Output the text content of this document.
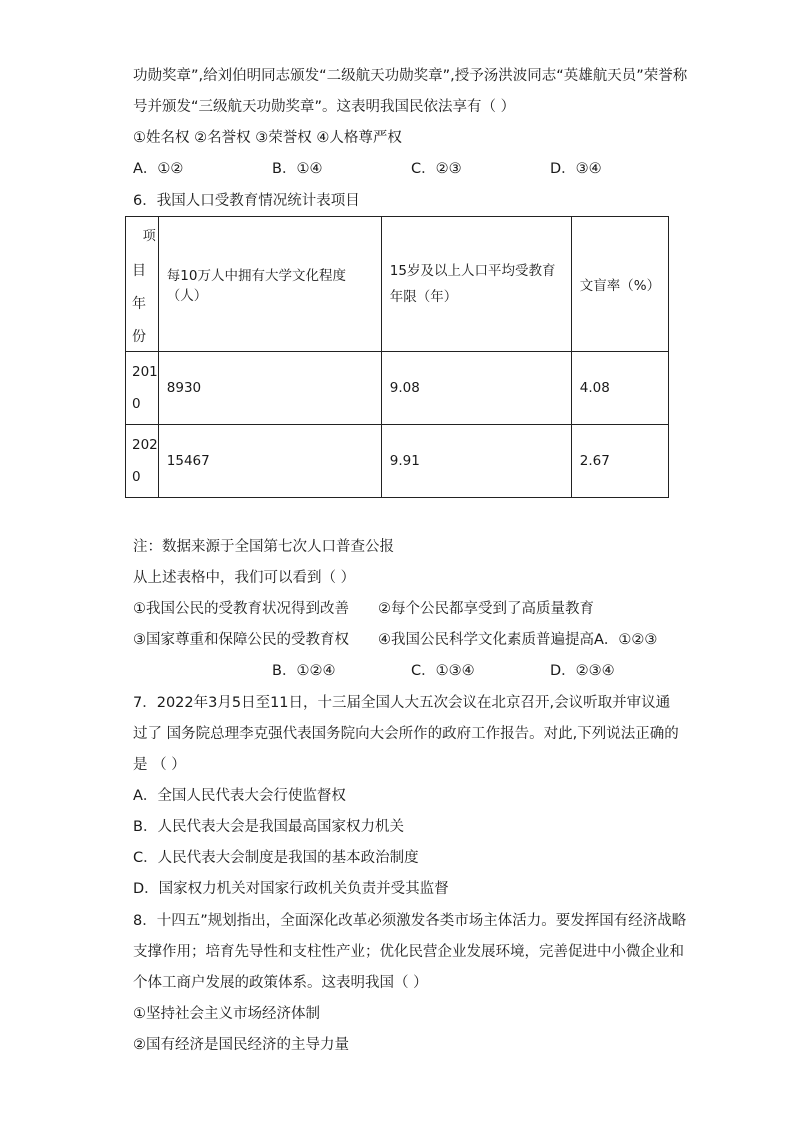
功勋奖章”,给刘伯明同志颁发“二级航天功勋奖章”,授予汤洪波同志“英雄航天员”荣誉称
号并颁发“三级航天功勋奖章”。这表明我国民依法享有（ ）
①姓名权 ②名誉权 ③荣誉权 ④人格尊严权
A．①②	B．①④	C．②③	D．③④
6．我国人口受教育情况统计表项目
项
目
年
份	每10万人中拥有大学文化程度（人）	15岁及以上人口平均受教育年限（年）	文盲率（%）

201
0	8930	9.08	4.08

202
0	15467	9.91	2.67
注：数据来源于全国第七次人口普查公报
从上述表格中，我们可以看到（ ）
①我国公民的受教育状况得到改善 ②每个公民都享受到了高质量教育
③国家尊重和保障公民的受教育权 ④我国公民科学文化素质普遍提高A．①②③
B．①②④	C．①③④	D．②③④
7．2022年3月5日至11日，十三届全国人大五次会议在北京召开,会议听取并审议通
过了 国务院总理李克强代表国务院向大会所作的政府工作报告。对此,下列说法正确的
是 （ ）
A．全国人民代表大会行使监督权
B．人民代表大会是我国最高国家权力机关
C．人民代表大会制度是我国的基本政治制度
D．国家权力机关对国家行政机关负责并受其监督
8．十四五”规划指出，全面深化改革必须激发各类市场主体活力。要发挥国有经济战略
支撑作用；培育先导性和支柱性产业；优化民营企业发展环境，完善促进中小微企业和
个体工商户发展的政策体系。这表明我国（ ）
①坚持社会主义市场经济体制
②国有经济是国民经济的主导力量
